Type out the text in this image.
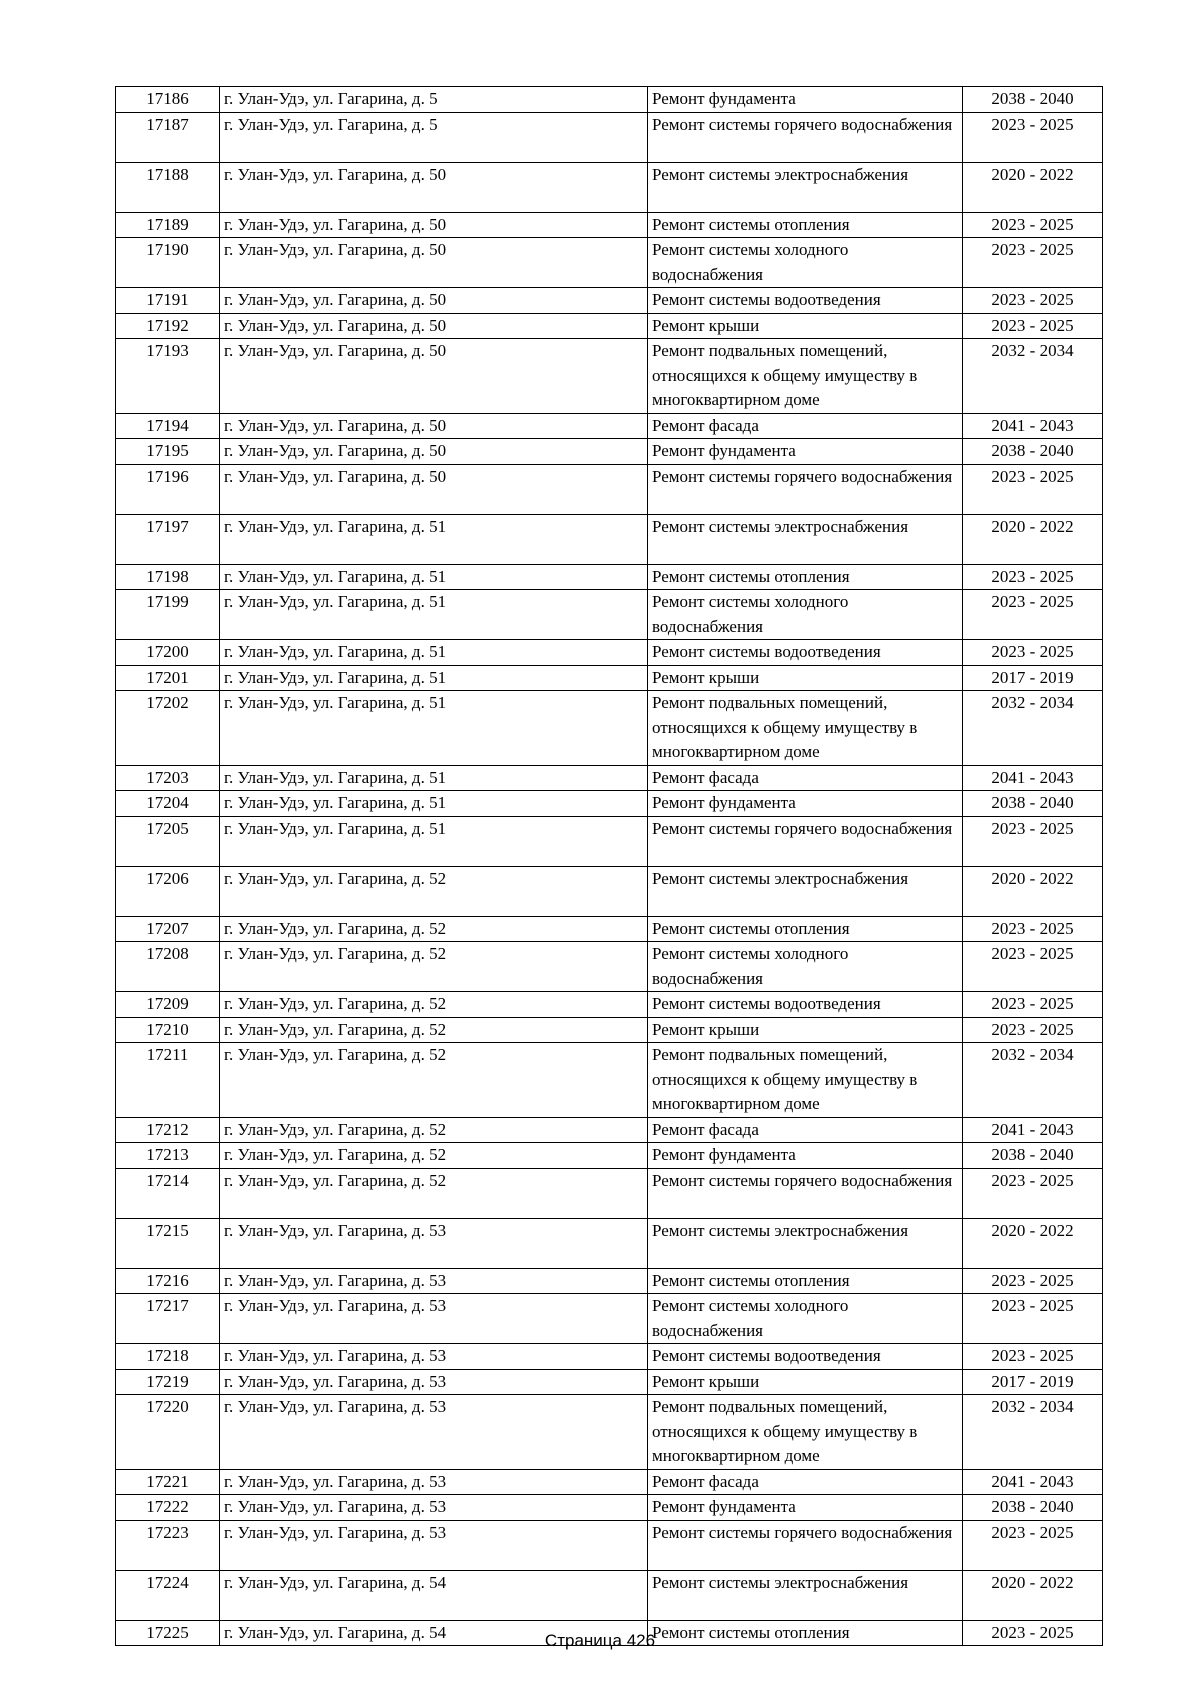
17186	г. Улан-Удэ, ул. Гагарина, д. 5	Ремонт фундамента	2038 - 2040
17187	г. Улан-Удэ, ул. Гагарина, д. 5	Ремонт системы горячего водоснабжения	2023 - 2025
17188	г. Улан-Удэ, ул. Гагарина, д. 50	Ремонт системы электроснабжения	2020 - 2022
17189	г. Улан-Удэ, ул. Гагарина, д. 50	Ремонт системы отопления	2023 - 2025
17190	г. Улан-Удэ, ул. Гагарина, д. 50	Ремонт системы холодного водоснабжения	2023 - 2025
17191	г. Улан-Удэ, ул. Гагарина, д. 50	Ремонт системы водоотведения	2023 - 2025
17192	г. Улан-Удэ, ул. Гагарина, д. 50	Ремонт крыши	2023 - 2025
17193	г. Улан-Удэ, ул. Гагарина, д. 50	Ремонт подвальных помещений, относящихся к общему имуществу в многоквартирном доме	2032 - 2034
17194	г. Улан-Удэ, ул. Гагарина, д. 50	Ремонт фасада	2041 - 2043
17195	г. Улан-Удэ, ул. Гагарина, д. 50	Ремонт фундамента	2038 - 2040
17196	г. Улан-Удэ, ул. Гагарина, д. 50	Ремонт системы горячего водоснабжения	2023 - 2025
17197	г. Улан-Удэ, ул. Гагарина, д. 51	Ремонт системы электроснабжения	2020 - 2022
17198	г. Улан-Удэ, ул. Гагарина, д. 51	Ремонт системы отопления	2023 - 2025
17199	г. Улан-Удэ, ул. Гагарина, д. 51	Ремонт системы холодного водоснабжения	2023 - 2025
17200	г. Улан-Удэ, ул. Гагарина, д. 51	Ремонт системы водоотведения	2023 - 2025
17201	г. Улан-Удэ, ул. Гагарина, д. 51	Ремонт крыши	2017 - 2019
17202	г. Улан-Удэ, ул. Гагарина, д. 51	Ремонт подвальных помещений, относящихся к общему имуществу в многоквартирном доме	2032 - 2034
17203	г. Улан-Удэ, ул. Гагарина, д. 51	Ремонт фасада	2041 - 2043
17204	г. Улан-Удэ, ул. Гагарина, д. 51	Ремонт фундамента	2038 - 2040
17205	г. Улан-Удэ, ул. Гагарина, д. 51	Ремонт системы горячего водоснабжения	2023 - 2025
17206	г. Улан-Удэ, ул. Гагарина, д. 52	Ремонт системы электроснабжения	2020 - 2022
17207	г. Улан-Удэ, ул. Гагарина, д. 52	Ремонт системы отопления	2023 - 2025
17208	г. Улан-Удэ, ул. Гагарина, д. 52	Ремонт системы холодного водоснабжения	2023 - 2025
17209	г. Улан-Удэ, ул. Гагарина, д. 52	Ремонт системы водоотведения	2023 - 2025
17210	г. Улан-Удэ, ул. Гагарина, д. 52	Ремонт крыши	2023 - 2025
17211	г. Улан-Удэ, ул. Гагарина, д. 52	Ремонт подвальных помещений, относящихся к общему имуществу в многоквартирном доме	2032 - 2034
17212	г. Улан-Удэ, ул. Гагарина, д. 52	Ремонт фасада	2041 - 2043
17213	г. Улан-Удэ, ул. Гагарина, д. 52	Ремонт фундамента	2038 - 2040
17214	г. Улан-Удэ, ул. Гагарина, д. 52	Ремонт системы горячего водоснабжения	2023 - 2025
17215	г. Улан-Удэ, ул. Гагарина, д. 53	Ремонт системы электроснабжения	2020 - 2022
17216	г. Улан-Удэ, ул. Гагарина, д. 53	Ремонт системы отопления	2023 - 2025
17217	г. Улан-Удэ, ул. Гагарина, д. 53	Ремонт системы холодного водоснабжения	2023 - 2025
17218	г. Улан-Удэ, ул. Гагарина, д. 53	Ремонт системы водоотведения	2023 - 2025
17219	г. Улан-Удэ, ул. Гагарина, д. 53	Ремонт крыши	2017 - 2019
17220	г. Улан-Удэ, ул. Гагарина, д. 53	Ремонт подвальных помещений, относящихся к общему имуществу в многоквартирном доме	2032 - 2034
17221	г. Улан-Удэ, ул. Гагарина, д. 53	Ремонт фасада	2041 - 2043
17222	г. Улан-Удэ, ул. Гагарина, д. 53	Ремонт фундамента	2038 - 2040
17223	г. Улан-Удэ, ул. Гагарина, д. 53	Ремонт системы горячего водоснабжения	2023 - 2025
17224	г. Улан-Удэ, ул. Гагарина, д. 54	Ремонт системы электроснабжения	2020 - 2022
17225	г. Улан-Удэ, ул. Гагарина, д. 54	Ремонт системы отопления	2023 - 2025
Страница 426
